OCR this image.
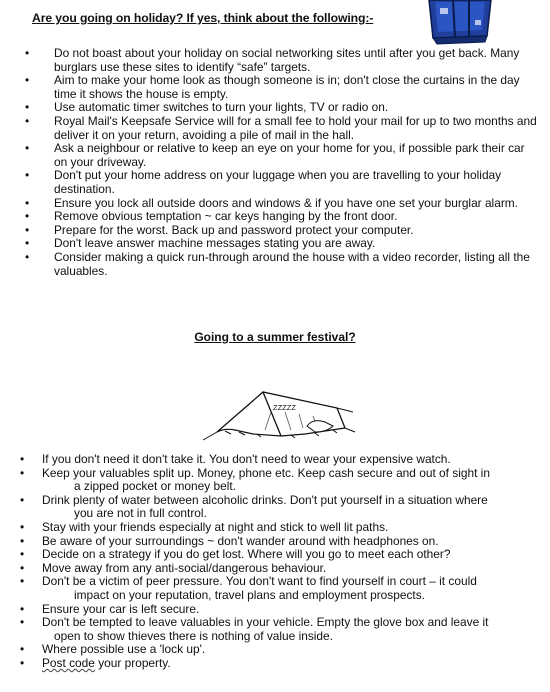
Are you going on holiday? If yes, think about the following:-
• Do not boast about your holiday on social networking sites until after you get back. Many burglars use these sites to identify “safe” targets.
• Aim to make your home look as though someone is in; don't close the curtains in the day time it shows the house is empty.
• Use automatic timer switches to turn your lights, TV or radio on.
• Royal Mail's Keepsafe Service will for a small fee to hold your mail for up to two months and deliver it on your return, avoiding a pile of mail in the hall.
• Ask a neighbour or relative to keep an eye on your home for you, if possible park their car on your driveway.
• Don't put your home address on your luggage when you are travelling to your holiday destination.
• Ensure you lock all outside doors and windows & if you have one set your burglar alarm.
• Remove obvious temptation ~ car keys hanging by the front door.
• Prepare for the worst. Back up and password protect your computer.
• Don't leave answer machine messages stating you are away.
• Consider making a quick run-through around the house with a video recorder, listing all the valuables.
Going to a summer festival?
ZZZZZ
• If you don't need it don't take it. You don't need to wear your expensive watch.
• Keep your valuables split up. Money, phone etc. Keep cash secure and out of sight in
a zipped pocket or money belt.
• Drink plenty of water between alcoholic drinks. Don't put yourself in a situation where
you are not in full control.
• Stay with your friends especially at night and stick to well lit paths.
• Be aware of your surroundings ~ don't wander around with headphones on.
• Decide on a strategy if you do get lost. Where will you go to meet each other?
• Move away from any anti-social/dangerous behaviour.
• Don't be a victim of peer pressure. You don't want to find yourself in court – it could
impact on your reputation, travel plans and employment prospects.
• Ensure your car is left secure.
• Don't be tempted to leave valuables in your vehicle. Empty the glove box and leave it
open to show thieves there is nothing of value inside.
• Where possible use a 'lock up'.
• Post code your property.
